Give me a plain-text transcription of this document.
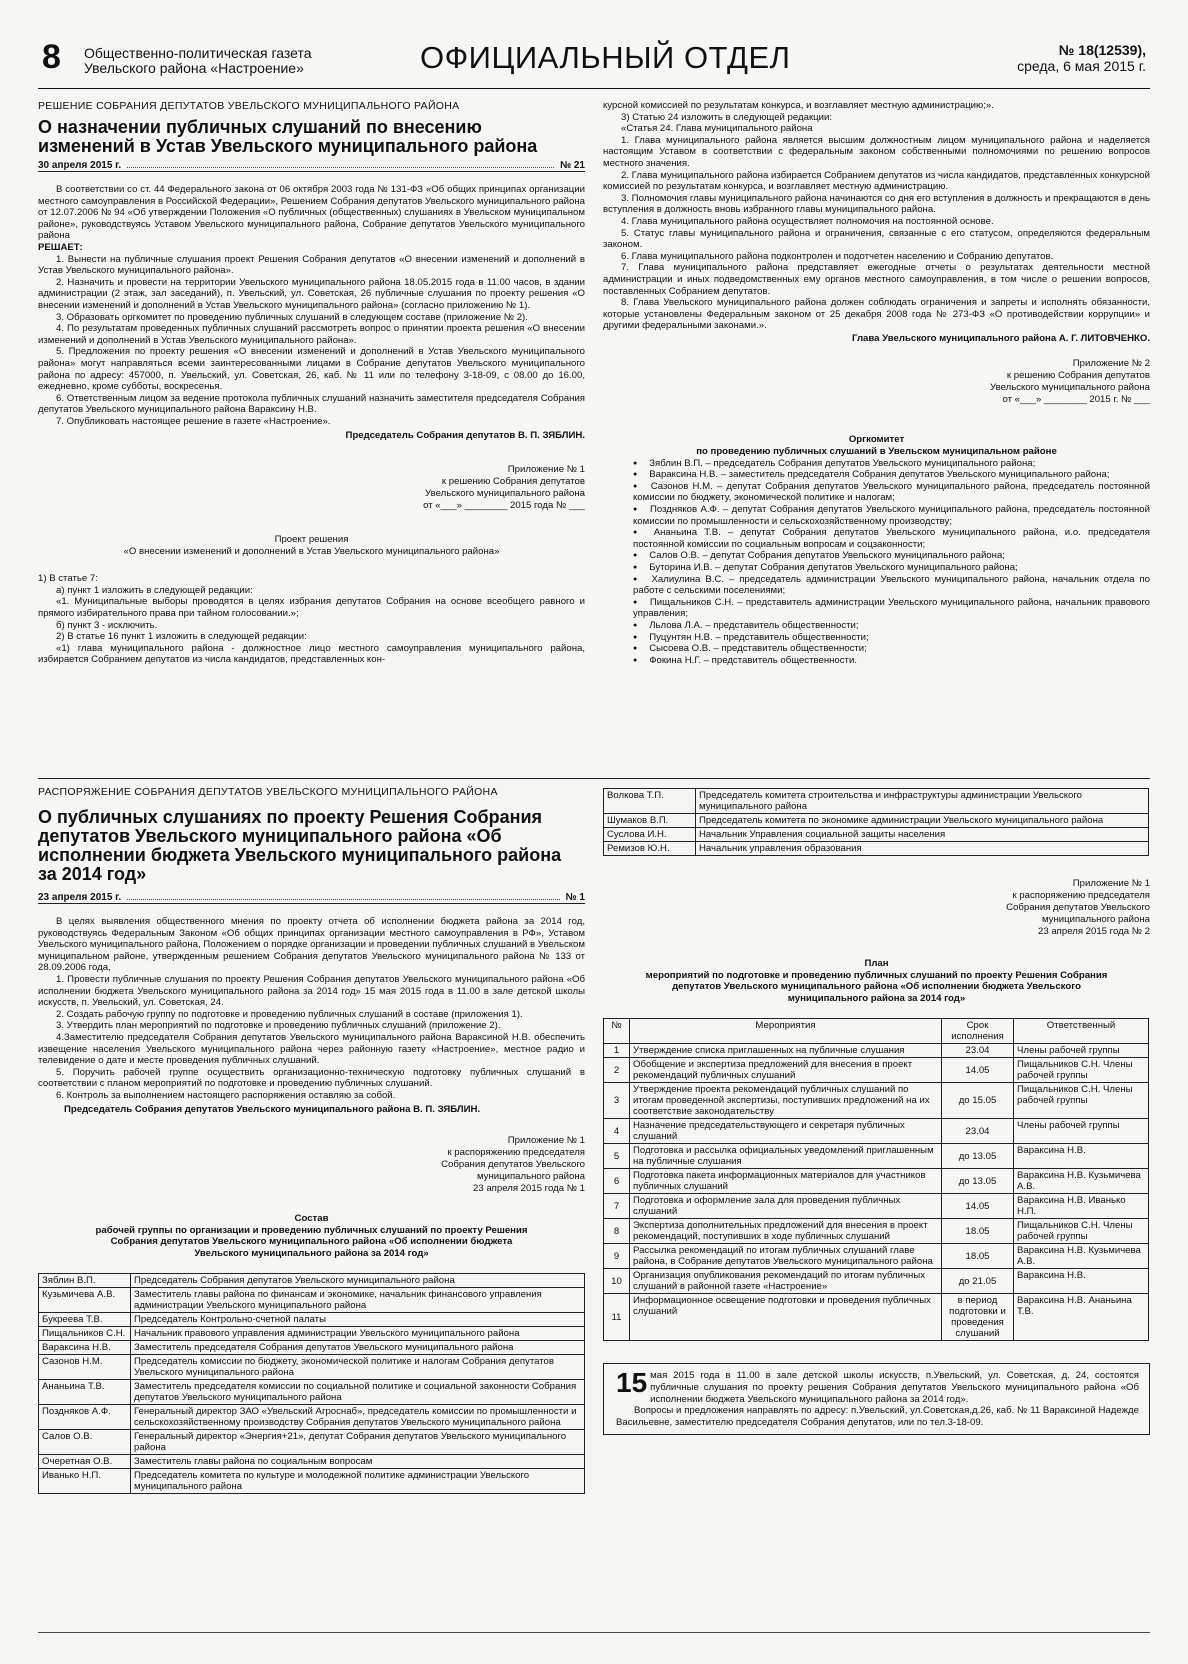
8 Общественно-политическая газета
Увельского района «Настроение»	ОФИЦИАЛЬНЫЙ ОТДЕЛ	№ 18(12539),
среда, 6 мая 2015 г.
РЕШЕНИЕ СОБРАНИЯ ДЕПУТАТОВ УВЕЛЬСКОГО МУНИЦИПАЛЬНОГО РАЙОНА
О назначении публичных слушаний по внесению изменений в Устав Увельского муниципального района
30 апреля 2015 г.	№ 21

В соответствии со ст. 44 Федерального закона от 06 октября 2003 года № 131-ФЗ «Об общих принципах организации местного самоуправления в Российской Федерации», Решением Собрания депутатов Увельского муниципального района от 12.07.2006 № 94 «Об утверждении Положения «О публичных (общественных) слушаниях в Увельском муниципальном районе», руководствуясь Уставом Увельского муниципального района, Собрание депутатов Увельского муниципального района

РЕШАЕТ:

1. Вынести на публичные слушания проект Решения Собрания депутатов «О внесении изменений и дополнений в Устав Увельского муниципального района».

2. Назначить и провести на территории Увельского муниципального района 18.05.2015 года в 11.00 часов, в здании администрации (2 этаж, зал заседаний), п. Увельский, ул. Советская, 26 публичные слушания по проекту решения «О внесении изменений и дополнений в Устав Увельского муниципального района» (согласно приложению № 1).

3. Образовать оргкомитет по проведению публичных слушаний в следующем составе (приложение № 2).

4. По результатам проведенных публичных слушаний рассмотреть вопрос о принятии проекта решения «О внесении изменений и дополнений в Устав Увельского муниципального района».

5. Предложения по проекту решения «О внесении изменений и дополнений в Устав Увельского муниципального района» могут направляться всеми заинтересованными лицами в Собрание депутатов Увельского муниципального района по адресу: 457000, п. Увельский, ул. Советская, 26, каб. № 11 или по телефону 3-18-09, с 08.00 до 16.00, ежедневно, кроме субботы, воскресенья.

6. Ответственным лицом за ведение протокола публичных слушаний назначить заместителя председателя Собрания депутатов Увельского муниципального района Вараксину Н.В.

7. Опубликовать настоящее решение в газете «Настроение».

Председатель Собрания депутатов В. П. ЗЯБЛИН.

Приложение № 1
к решению Собрания депутатов
Увельского муниципального района
от «___» ________ 2015 года № ___
Проект решения
«О внесении изменений и дополнений в Устав Увельского муниципального района»

1) В статье 7:

а) пункт 1 изложить в следующей редакции:

«1. Муниципальные выборы проводятся в целях избрания депутатов Собрания на основе всеобщего равного и прямого избирательного права при тайном голосовании.»;

б) пункт 3 - исключить.

2) В статье 16 пункт 1 изложить в следующей редакции:

«1) глава муниципального района - должностное лицо местного самоуправления муниципального района, избирается Собранием депутатов из числа кандидатов, представленных кон-

курсной комиссией по результатам конкурса, и возглавляет местную администрацию;».

3) Статью 24 изложить в следующей редакции:

«Статья 24. Глава муниципального района

1. Глава муниципального района является высшим должностным лицом муниципального района и наделяется настоящим Уставом в соответствии с федеральным законом собственными полномочиями по решению вопросов местного значения.

2. Глава муниципального района избирается Собранием депутатов из числа кандидатов, представленных конкурсной комиссией по результатам конкурса, и возглавляет местную администрацию.

3. Полномочия главы муниципального района начинаются со дня его вступления в должность и прекращаются в день вступления в должность вновь избранного главы муниципального района.

4. Глава муниципального района осуществляет полномочия на постоянной основе.

5. Статус главы муниципального района и ограничения, связанные с его статусом, определяются федеральным законом.

6. Глава муниципального района подконтролен и подотчетен населению и Собранию депутатов.

7. Глава муниципального района представляет ежегодные отчеты о результатах деятельности местной администрации и иных подведомственных ему органов местного самоуправления, в том числе о решении вопросов, поставленных Собранием депутатов.

8. Глава Увельского муниципального района должен соблюдать ограничения и запреты и исполнять обязанности, которые установлены Федеральным законом от 25 декабря 2008 года № 273-ФЗ «О противодействии коррупции» и другими федеральными законами.».

Глава Увельского муниципального района А. Г. ЛИТОВЧЕНКО.

Приложение № 2
к решению Собрания депутатов
Увельского муниципального района
от «___» ________ 2015 г. № ___
Оргкомитет
по проведению публичных слушаний в Увельском муниципальном районе

● Зяблин В.П. – председатель Собрания депутатов Увельского муниципального района;

● Вараксина Н.В. – заместитель председателя Собрания депутатов Увельского муниципального района;

● Сазонов Н.М. – депутат Собрания депутатов Увельского муниципального района, председатель постоянной комиссии по бюджету, экономической политике и налогам;

● Поздняков А.Ф. – депутат Собрания депутатов Увельского муниципального района, председатель постоянной комиссии по промышленности и сельскохозяйственному производству;

● Ананьина Т.В. – депутат Собрания депутатов Увельского муниципального района, и.о. председателя постоянной комиссии по социальным вопросам и соцзаконности;

● Салов О.В. – депутат Собрания депутатов Увельского муниципального района;

● Буторина И.В. – депутат Собрания депутатов Увельского муниципального района;

● Халиулина В.С. – председатель администрации Увельского муниципального района, начальник отдела по работе с сельскими поселениями;

● Пищальников С.Н. – представитель администрации Увельского муниципального района, начальник правового управления;

● Льлова Л.А. – представитель общественности;

● Пуцунтян Н.В. – представитель общественности;

● Сысоева О.В. – представитель общественности;

● Фокина Н.Г. – представитель общественности.

РАСПОРЯЖЕНИЕ СОБРАНИЯ ДЕПУТАТОВ УВЕЛЬСКОГО МУНИЦИПАЛЬНОГО РАЙОНА
О публичных слушаниях по проекту Решения Собрания депутатов Увельского муниципального района «Об исполнении бюджета Увельского муниципального района за 2014 год»
23 апреля 2015 г.	№ 1

В целях выявления общественного мнения по проекту отчета об исполнении бюджета района за 2014 год, руководствуясь Федеральным Законом «Об общих принципах организации местного самоуправления в РФ», Уставом Увельского муниципального района, Положением о порядке организации и проведении публичных слушаний в Увельском муниципальном районе, утвержденным решением Собрания депутатов Увельского муниципального района № 133 от 28.09.2006 года,

1. Провести публичные слушания по проекту Решения Собрания депутатов Увельского муниципального района «Об исполнении бюджета Увельского муниципального района за 2014 год» 15 мая 2015 года в 11.00 в зале детской школы искусств, п. Увельский, ул. Советская, 24.

2. Создать рабочую группу по подготовке и проведению публичных слушаний в составе (приложения 1).

3. Утвердить план мероприятий по подготовке и проведению публичных слушаний (приложение 2).

4.Заместителю председателя Собрания депутатов Увельского муниципального района Вараксиной Н.В. обеспечить извещение населения Увельского муниципального района через районную газету «Настроение», местное радио и телевидение о дате и месте проведения публичных слушаний.

5. Поручить рабочей группе осуществить организационно-техническую подготовку публичных слушаний в соответствии с планом мероприятий по подготовке и проведению публичных слушаний.

6. Контроль за выполнением настоящего распоряжения оставляю за собой.

Председатель Собрания депутатов Увельского муниципального района В. П. ЗЯБЛИН.

Приложение № 1
к распоряжению председателя
Собрания депутатов Увельского
муниципального района
23 апреля 2015 года № 1
Состав
рабочей группы по организации и проведению публичных слушаний по проекту Решения Собрания депутатов Увельского муниципального района «Об исполнении бюджета Увельского муниципального района за 2014 год»
Зяблин В.П.	Председатель Собрания депутатов Увельского муниципального района
Кузьмичева А.В.	Заместитель главы района по финансам и экономике, начальник финансового управления администрации Увельского муниципального района
Букреева Т.В.	Председатель Контрольно-счетной палаты
Пищальников С.Н.	Начальник правового управления администрации Увельского муниципального района
Вараксина Н.В.	Заместитель председателя Собрания депутатов Увельского муниципального района
Сазонов Н.М.	Председатель комиссии по бюджету, экономической политике и налогам Собрания депутатов Увельского муниципального района
Ананьина Т.В.	Заместитель председателя комиссии по социальной политике и социальной законности Собрания депутатов Увельского муниципального района
Поздняков А.Ф.	Генеральный директор ЗАО «Увельский Агроснаб», председатель комиссии по промышленности и сельскохозяйственному производству Собрания депутатов Увельского муниципального района
Салов О.В.	Генеральный директор «Энергия+21», депутат Собрания депутатов Увельского муниципального района
Очеретная О.В.	Заместитель главы района по социальным вопросам
Иванько Н.П.	Председатель комитета по культуре и молодежной политике администрации Увельского муниципального района
Волкова Т.П.	Председатель комитета строительства и инфраструктуры администрации Увельского муниципального района
Шумаков В.П.	Председатель комитета по экономике администрации Увельского муниципального района
Суслова И.Н.	Начальник Управления социальной защиты населения
Ремизов Ю.Н.	Начальник управления образования
Приложение № 1
к распоряжению председателя
Собрания депутатов Увельского
муниципального района
23 апреля 2015 года № 2
План
мероприятий по подготовке и проведению публичных слушаний по проекту Решения Собрания депутатов Увельского муниципального района «Об исполнении бюджета Увельского муниципального района за 2014 год»
№	Мероприятия	Срок исполнения	Ответственный
1	Утверждение списка приглашенных на публичные слушания	23.04	Члены рабочей группы
2	Обобщение и экспертиза предложений для внесения в проект рекомендаций публичных слушаний	14.05	Пищальников С.Н. Члены рабочей группы
3	Утверждение проекта рекомендаций публичных слушаний по итогам проведенной экспертизы, поступивших предложений на их соответствие законодательству	до 15.05	Пищальников С.Н. Члены рабочей группы
4	Назначение председательствующего и секретаря публичных слушаний	23.04	Члены рабочей группы
5	Подготовка и рассылка официальных уведомлений приглашенным на публичные слушания	до 13.05	Вараксина Н.В.
6	Подготовка пакета информационных материалов для участников публичных слушаний	до 13.05	Вараксина Н.В. Кузьмичева А.В.
7	Подготовка и оформление зала для проведения публичных слушаний	14.05	Вараксина Н.В. Иванько Н.П.
8	Экспертиза дополнительных предложений для внесения в проект рекомендаций, поступивших в ходе публичных слушаний	18.05	Пищальников С.Н. Члены рабочей группы
9	Рассылка рекомендаций по итогам публичных слушаний главе района, в Собрание депутатов Увельского муниципального района	18.05	Вараксина Н.В. Кузьмичева А.В.
10	Организация опубликования рекомендаций по итогам публичных слушаний в районной газете «Настроение»	до 21.05	Вараксина Н.В.
11	Информационное освещение подготовки и проведения публичных слушаний	в период подготовки и проведения слушаний	Вараксина Н.В. Ананьина Т.В.

15 мая 2015 года в 11.00 в зале детской школы искусств, п.Увельский, ул. Советская, д. 24, состоятся публичные слушания по проекту решения Собрания депутатов Увельского муниципального района «Об исполнении бюджета Увельского муниципального района за 2014 год».

Вопросы и предложения направлять по адресу: п.Увельский, ул.Советская,д.26, каб. № 11 Вараксиной Надежде Васильевне, заместителю председателя Собрания депутатов, или по тел.3-18-09.
